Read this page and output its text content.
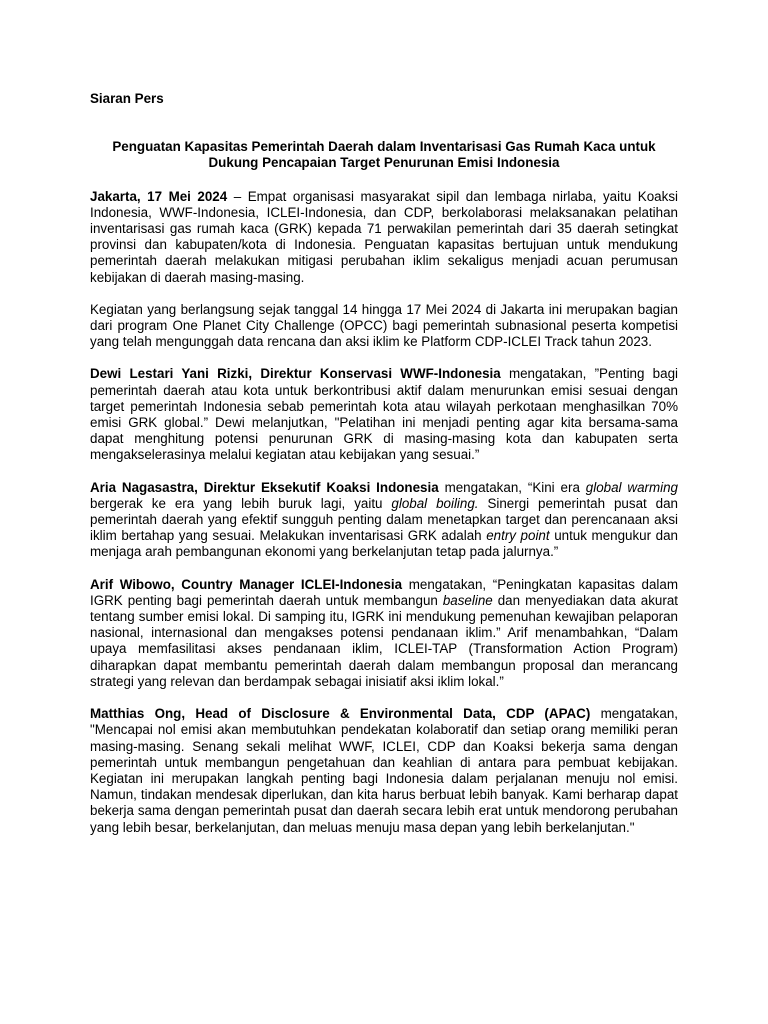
Siaran Pers
Penguatan Kapasitas Pemerintah Daerah dalam Inventarisasi Gas Rumah Kaca untuk
Dukung Pencapaian Target Penurunan Emisi Indonesia

Jakarta, 17 Mei 2024 – Empat organisasi masyarakat sipil dan lembaga nirlaba, yaitu Koaksi Indonesia, WWF-Indonesia, ICLEI-Indonesia, dan CDP, berkolaborasi melaksanakan pelatihan inventarisasi gas rumah kaca (GRK) kepada 71 perwakilan pemerintah dari 35 daerah setingkat provinsi dan kabupaten/kota di Indonesia. Penguatan kapasitas bertujuan untuk mendukung pemerintah daerah melakukan mitigasi perubahan iklim sekaligus menjadi acuan perumusan kebijakan di daerah masing-masing.

Kegiatan yang berlangsung sejak tanggal 14 hingga 17 Mei 2024 di Jakarta ini merupakan bagian dari program One Planet City Challenge (OPCC) bagi pemerintah subnasional peserta kompetisi yang telah mengunggah data rencana dan aksi iklim ke Platform CDP-ICLEI Track tahun 2023.

Dewi Lestari Yani Rizki, Direktur Konservasi WWF-Indonesia mengatakan, ”Penting bagi pemerintah daerah atau kota untuk berkontribusi aktif dalam menurunkan emisi sesuai dengan target pemerintah Indonesia sebab pemerintah kota atau wilayah perkotaan menghasilkan 70% emisi GRK global.” Dewi melanjutkan, "Pelatihan ini menjadi penting agar kita bersama-sama dapat menghitung potensi penurunan GRK di masing-masing kota dan kabupaten serta mengakselerasinya melalui kegiatan atau kebijakan yang sesuai.”

Aria Nagasastra, Direktur Eksekutif Koaksi Indonesia mengatakan, “Kini era global warming bergerak ke era yang lebih buruk lagi, yaitu global boiling. Sinergi pemerintah pusat dan pemerintah daerah yang efektif sungguh penting dalam menetapkan target dan perencanaan aksi iklim bertahap yang sesuai. Melakukan inventarisasi GRK adalah entry point untuk mengukur dan menjaga arah pembangunan ekonomi yang berkelanjutan tetap pada jalurnya.”

Arif Wibowo, Country Manager ICLEI-Indonesia mengatakan, “Peningkatan kapasitas dalam IGRK penting bagi pemerintah daerah untuk membangun baseline dan menyediakan data akurat tentang sumber emisi lokal. Di samping itu, IGRK ini mendukung pemenuhan kewajiban pelaporan nasional, internasional dan mengakses potensi pendanaan iklim.” Arif menambahkan, “Dalam upaya memfasilitasi akses pendanaan iklim, ICLEI-TAP (Transformation Action Program) diharapkan dapat membantu pemerintah daerah dalam membangun proposal dan merancang strategi yang relevan dan berdampak sebagai inisiatif aksi iklim lokal.”

Matthias Ong, Head of Disclosure & Environmental Data, CDP (APAC) mengatakan, "Mencapai nol emisi akan membutuhkan pendekatan kolaboratif dan setiap orang memiliki peran masing-masing. Senang sekali melihat WWF, ICLEI, CDP dan Koaksi bekerja sama dengan pemerintah untuk membangun pengetahuan dan keahlian di antara para pembuat kebijakan. Kegiatan ini merupakan langkah penting bagi Indonesia dalam perjalanan menuju nol emisi. Namun, tindakan mendesak diperlukan, dan kita harus berbuat lebih banyak. Kami berharap dapat bekerja sama dengan pemerintah pusat dan daerah secara lebih erat untuk mendorong perubahan yang lebih besar, berkelanjutan, dan meluas menuju masa depan yang lebih berkelanjutan."
